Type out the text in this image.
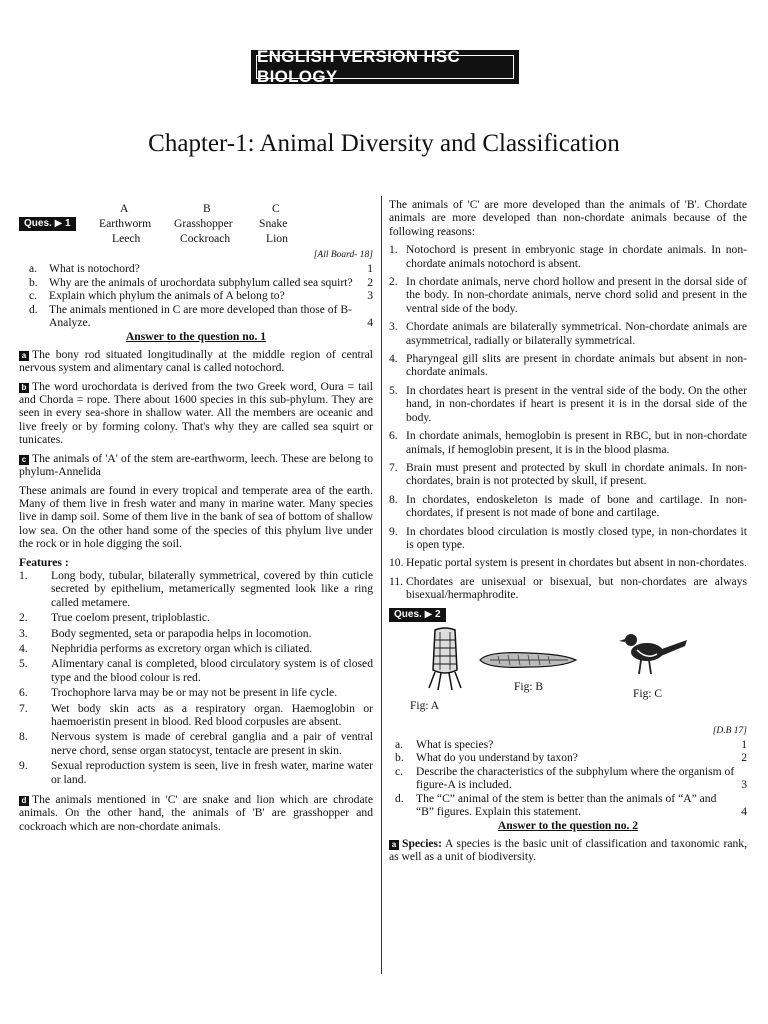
ENGLISH VERSION HSC BIOLOGY
Chapter-1: Animal Diversity and Classification
A	B	C
Ques. ▶ 1	Earthworm Grasshopper Snake
Leech	Cockroach	Lion
[All Board- 18]
a. What is notochord?	1
b. Why are the animals of urochordata subphylum called sea squirt? 2
c. Explain which phylum the animals of A belong to?	3
d. The animals mentioned in C are more developed than those of B-Analyze.	4
Answer to the question no. 1

a The bony rod situated longitudinally at the middle region of central nervous system and alimentary canal is called notochord.

b The word urochordata is derived from the two Greek word, Oura = tail and Chorda = rope. There about 1600 species in this sub-phylum. They are seen in every sea-shore in shallow water. All the members are oceanic and live freely or by forming colony. That's why they are called sea squirt or tunicates.

c The animals of 'A' of the stem are-earthworm, leech. These are belong to phylum-Annelida

These animals are found in every tropical and temperate area of the earth. Many of them live in fresh water and many in marine water. Many species live in damp soil. Some of them live in the bank of sea of bottom of shallow low sea. On the other hand some of the species of this phylum live under the rock or in hole digging the soil.

Features :
1. Long body, tubular, bilaterally symmetrical, covered by thin cuticle secreted by epithelium, metamerically segmented look like a ring called metamere.
2. True coelom present, triploblastic.
3. Body segmented, seta or parapodia helps in locomotion.
4. Nephridia performs as excretory organ which is ciliated.
5. Alimentary canal is completed, blood circulatory system is of closed type and the blood colour is red.
6. Trochophore larva may be or may not be present in life cycle.
7. Wet body skin acts as a respiratory organ. Haemoglobin or haemoeristin present in blood. Red blood corpusles are absent.
8. Nervous system is made of cerebral ganglia and a pair of ventral nerve chord, sense organ statocyst, tentacle are present in skin.
9. Sexual reproduction system is seen, live in fresh water, marine water or land.

d The animals mentioned in 'C' are snake and lion which are chrodate animals. On the other hand, the animals of 'B' are grasshopper and cockroach which are non-chordate animals.

The animals of 'C' are more developed than the animals of 'B'. Chordate animals are more developed than non-chordate animals because of the following reasons:

1. Notochord is present in embryonic stage in chordate animals. In non-chordate animals notochord is absent.
2. In chordate animals, nerve chord hollow and present in the dorsal side of the body. In non-chordate animals, nerve chord solid and present in the ventral side of the body.
3. Chordate animals are bilaterally symmetrical. Non-chordate animals are asymmetrical, radially or bilaterally symmetrical.
4. Pharyngeal gill slits are present in chordate animals but absent in non-chordate animals.
5. In chordates heart is present in the ventral side of the body. On the other hand, in non-chordates if heart is present it is in the dorsal side of the body.
6. In chordate animals, hemoglobin is present in RBC, but in non-chordate animals, if hemoglobin present, it is in the blood plasma.
7. Brain must present and protected by skull in chordate animals. In non-chordates, brain is not protected by skull, if present.
8. In chordates, endoskeleton is made of bone and cartilage. In non-chordates, if present is not made of bone and cartilage.
9. In chordates blood circulation is mostly closed type, in non-chordates it is open type.
10. Hepatic portal system is present in chordates but absent in non-chordates.
11. Chordates are unisexual or bisexual, but non-chordates are always bisexual/hermaphrodite.
Ques. ▶ 2
Fig: B
Fig: A
Fig: C
[D.B 17]
a. What is species?	1
b. What do you understand by taxon?	2
c. Describe the characteristics of the subphylum where the organism of figure-A is included.	3
d. The “C” animal of the stem is better than the animals of “A” and “B” figures. Explain this statement.	4
Answer to the question no. 2

a Species: A species is the basic unit of classification and taxonomic rank, as well as a unit of biodiversity.
